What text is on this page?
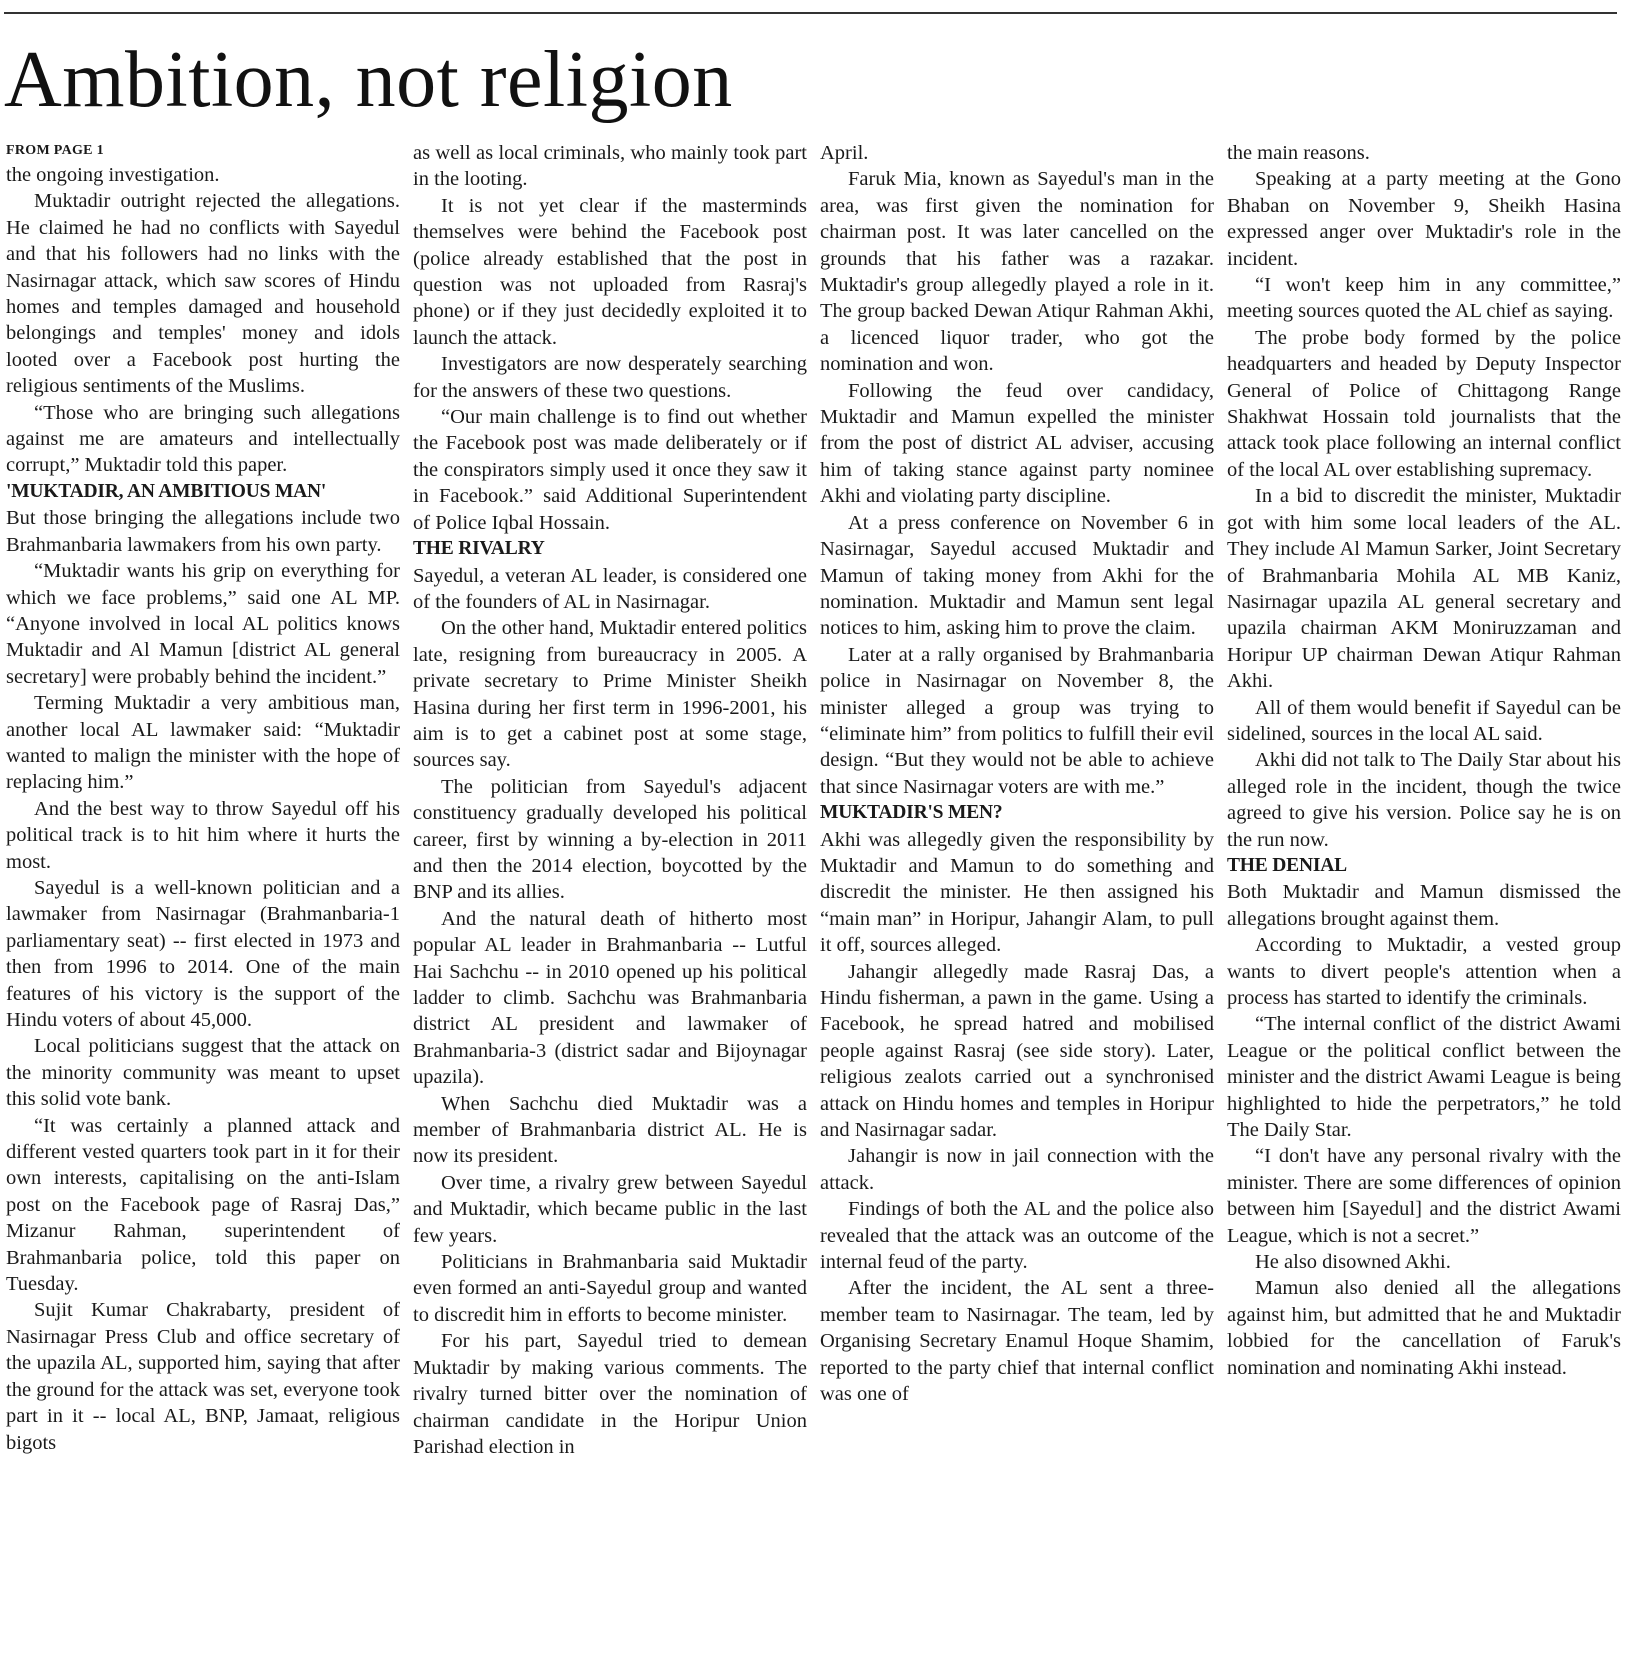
Ambition, not religion
FROM PAGE 1

the ongoing investigation.

Muktadir outright rejected the allegations. He claimed he had no conflicts with Sayedul and that his followers had no links with the Nasirnagar attack, which saw scores of Hindu homes and temples damaged and household belongings and temples' money and idols looted over a Facebook post hurting the religious sentiments of the Muslims.

“Those who are bringing such allegations against me are amateurs and intellectually corrupt,” Muktadir told this paper.

'MUKTADIR, AN AMBITIOUS MAN'

But those bringing the allegations include two Brahmanbaria lawmakers from his own party.

“Muktadir wants his grip on everything for which we face problems,” said one AL MP. “Anyone involved in local AL politics knows Muktadir and Al Mamun [district AL general secretary] were probably behind the incident.”

Terming Muktadir a very ambitious man, another local AL lawmaker said: “Muktadir wanted to malign the minister with the hope of replacing him.”

And the best way to throw Sayedul off his political track is to hit him where it hurts the most.

Sayedul is a well-known politician and a lawmaker from Nasirnagar (Brahmanbaria-1 parliamentary seat) -- first elected in 1973 and then from 1996 to 2014. One of the main features of his victory is the support of the Hindu voters of about 45,000.

Local politicians suggest that the attack on the minority community was meant to upset this solid vote bank.

“It was certainly a planned attack and different vested quarters took part in it for their own interests, capitalising on the anti-Islam post on the Facebook page of Rasraj Das,” Mizanur Rahman, superintendent of Brahmanbaria police, told this paper on Tuesday.

Sujit Kumar Chakrabarty, president of Nasirnagar Press Club and office secretary of the upazila AL, supported him, saying that after the ground for the attack was set, everyone took part in it -- local AL, BNP, Jamaat, religious bigots

as well as local criminals, who mainly took part in the looting.

It is not yet clear if the masterminds themselves were behind the Facebook post (police already established that the post in question was not uploaded from Rasraj's phone) or if they just decidedly exploited it to launch the attack.

Investigators are now desperately searching for the answers of these two questions.

“Our main challenge is to find out whether the Facebook post was made deliberately or if the conspirators simply used it once they saw it in Facebook.” said Additional Superintendent of Police Iqbal Hossain.

THE RIVALRY

Sayedul, a veteran AL leader, is considered one of the founders of AL in Nasirnagar.

On the other hand, Muktadir entered politics late, resigning from bureaucracy in 2005. A private secretary to Prime Minister Sheikh Hasina during her first term in 1996-2001, his aim is to get a cabinet post at some stage, sources say.

The politician from Sayedul's adjacent constituency gradually developed his political career, first by winning a by-election in 2011 and then the 2014 election, boycotted by the BNP and its allies.

And the natural death of hitherto most popular AL leader in Brahmanbaria -- Lutful Hai Sachchu -- in 2010 opened up his political ladder to climb. Sachchu was Brahmanbaria district AL president and lawmaker of Brahmanbaria-3 (district sadar and Bijoynagar upazila).

When Sachchu died Muktadir was a member of Brahmanbaria district AL. He is now its president.

Over time, a rivalry grew between Sayedul and Muktadir, which became public in the last few years.

Politicians in Brahmanbaria said Muktadir even formed an anti-Sayedul group and wanted to discredit him in efforts to become minister.

For his part, Sayedul tried to demean Muktadir by making various comments. The rivalry turned bitter over the nomination of chairman candidate in the Horipur Union Parishad election in

April.

Faruk Mia, known as Sayedul's man in the area, was first given the nomination for chairman post. It was later cancelled on the grounds that his father was a razakar. Muktadir's group allegedly played a role in it. The group backed Dewan Atiqur Rahman Akhi, a licenced liquor trader, who got the nomination and won.

Following the feud over candidacy, Muktadir and Mamun expelled the minister from the post of district AL adviser, accusing him of taking stance against party nominee Akhi and violating party discipline.

At a press conference on November 6 in Nasirnagar, Sayedul accused Muktadir and Mamun of taking money from Akhi for the nomination. Muktadir and Mamun sent legal notices to him, asking him to prove the claim.

Later at a rally organised by Brahmanbaria police in Nasirnagar on November 8, the minister alleged a group was trying to “eliminate him” from politics to fulfill their evil design. “But they would not be able to achieve that since Nasirnagar voters are with me.”

MUKTADIR'S MEN?

Akhi was allegedly given the responsibility by Muktadir and Mamun to do something and discredit the minister. He then assigned his “main man” in Horipur, Jahangir Alam, to pull it off, sources alleged.

Jahangir allegedly made Rasraj Das, a Hindu fisherman, a pawn in the game. Using a Facebook, he spread hatred and mobilised people against Rasraj (see side story). Later, religious zealots carried out a synchronised attack on Hindu homes and temples in Horipur and Nasirnagar sadar.

Jahangir is now in jail connection with the attack.

Findings of both the AL and the police also revealed that the attack was an outcome of the internal feud of the party.

After the incident, the AL sent a three-member team to Nasirnagar. The team, led by Organising Secretary Enamul Hoque Shamim, reported to the party chief that internal conflict was one of

the main reasons.

Speaking at a party meeting at the Gono Bhaban on November 9, Sheikh Hasina expressed anger over Muktadir's role in the incident.

“I won't keep him in any committee,” meeting sources quoted the AL chief as saying.

The probe body formed by the police headquarters and headed by Deputy Inspector General of Police of Chittagong Range Shakhwat Hossain told journalists that the attack took place following an internal conflict of the local AL over establishing supremacy.

In a bid to discredit the minister, Muktadir got with him some local leaders of the AL. They include Al Mamun Sarker, Joint Secretary of Brahmanbaria Mohila AL MB Kaniz, Nasirnagar upazila AL general secretary and upazila chairman AKM Moniruzzaman and Horipur UP chairman Dewan Atiqur Rahman Akhi.

All of them would benefit if Sayedul can be sidelined, sources in the local AL said.

Akhi did not talk to The Daily Star about his alleged role in the incident, though the twice agreed to give his version. Police say he is on the run now.

THE DENIAL

Both Muktadir and Mamun dismissed the allegations brought against them.

According to Muktadir, a vested group wants to divert people's attention when a process has started to identify the criminals.

“The internal conflict of the district Awami League or the political conflict between the minister and the district Awami League is being highlighted to hide the perpetrators,” he told The Daily Star.

“I don't have any personal rivalry with the minister. There are some differences of opinion between him [Sayedul] and the district Awami League, which is not a secret.”

He also disowned Akhi.

Mamun also denied all the allegations against him, but admitted that he and Muktadir lobbied for the cancellation of Faruk's nomination and nominating Akhi instead.
